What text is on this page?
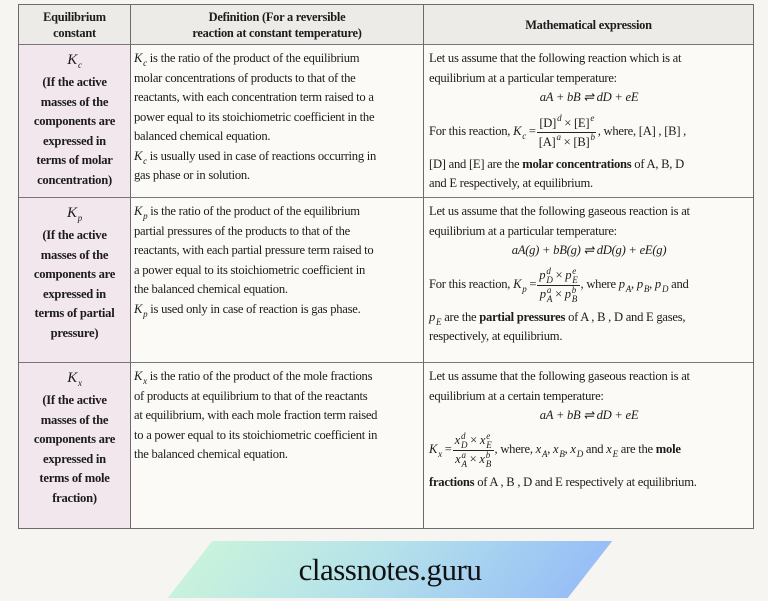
Equilibrium
constant
Definition (For a reversible
reaction at constant temperature)
Mathematical expression
K c
(If the active
masses of the
components are
expressed in
terms of molar
concentration)
K c is the ratio of the product of the equilibrium
molar concentrations of products to that of the
reactants, with each concentration term raised to a
power equal to its stoichiometric coefficient in the
balanced chemical equation.
K c is usually used in case of reactions occurring in
gas phase or in solution.
Let us assume that the following reaction which is at
equilibrium at a particular temperature:
aA + bB ⇌ dD + eE
For this reaction, K $c = \frac{[D] d \times [E] e}{[A] a \times [B] b}$ , where, [A] , [B] ,
[D] and [E] are the molar concentrations of A, B, D
and E respectively, at equilibrium.
K p
(If the active
masses of the
components are
expressed in
terms of partial
pressure)
K p is the ratio of the product of the equilibrium
partial pressures of the products to that of the
reactants, with each partial pressure term raised to
a power equal to its stoichiometric coefficient in
the balanced chemical equation.
K p is used only in case of reaction is gas phase.
Let us assume that the following gaseous reaction is at
equilibrium at a particular temperature:
aA(g) + bB(g) ⇌ dD(g) + eE(g)
For this reaction, K p = p d
D × p e
E
p a
A × p b
B , where p A , p B , p D and
p E are the partial pressures of A , B , D and E gases,
respectively, at equilibrium.
K x
(If the active
masses of the
components are
expressed in
terms of mole
fraction)
K x is the ratio of the product of the mole fractions
of products at equilibrium to that of the reactants
at equilibrium, with each mole fraction term raised
to a power equal to its stoichiometric coefficient in
the balanced chemical equation.
Let us assume that the following gaseous reaction is at
equilibrium at a certain temperature:
aA + bB ⇌ dD + eE
K x = x d
D × x e
E
x a
A × x b
B , where, x A , x B , x D and x E are the mole
fractions of A , B , D and E respectively at equilibrium.
classnotes.guru
